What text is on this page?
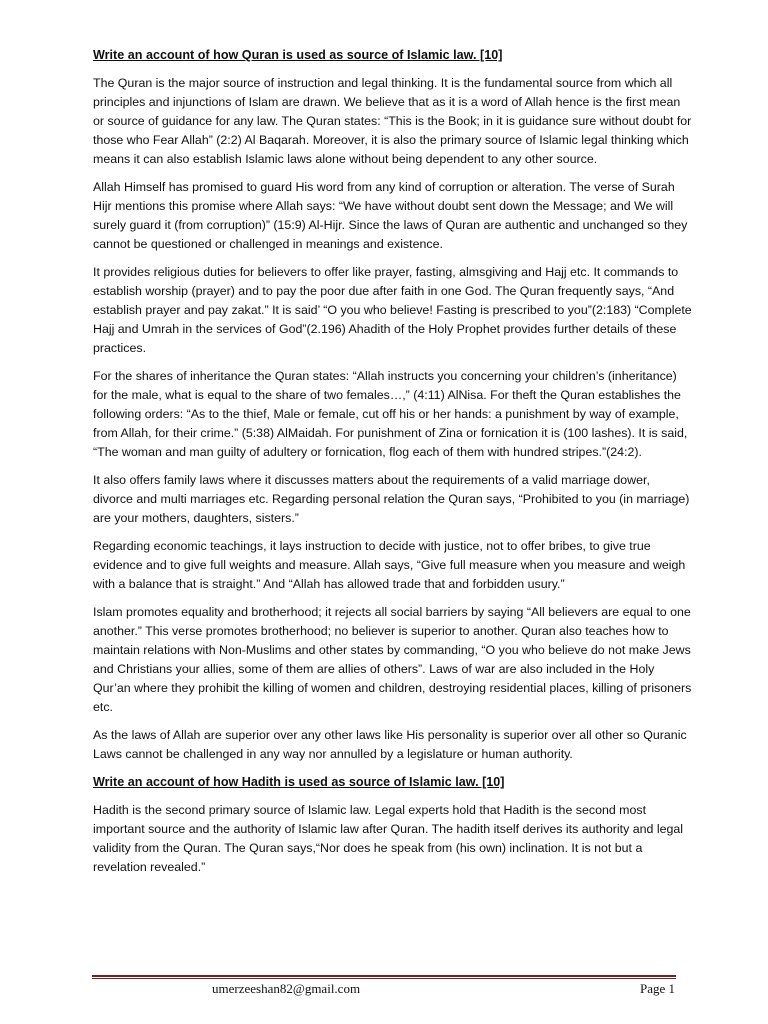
Write an account of how Quran is used as source of Islamic law. [10]

The Quran is the major source of instruction and legal thinking. It is the fundamental source from which all principles and injunctions of Islam are drawn. We believe that as it is a word of Allah hence is the first mean or source of guidance for any law. The Quran states: “This is the Book; in it is guidance sure without doubt for those who Fear Allah” (2:2) Al Baqarah. Moreover, it is also the primary source of Islamic legal thinking which means it can also establish Islamic laws alone without being dependent to any other source.

Allah Himself has promised to guard His word from any kind of corruption or alteration. The verse of Surah Hijr mentions this promise where Allah says: “We have without doubt sent down the Message; and We will surely guard it (from corruption)” (15:9) Al-Hijr. Since the laws of Quran are authentic and unchanged so they cannot be questioned or challenged in meanings and existence.

It provides religious duties for believers to offer like prayer, fasting, almsgiving and Hajj etc. It commands to establish worship (prayer) and to pay the poor due after faith in one God. The Quran frequently says, “And establish prayer and pay zakat.” It is said’ “O you who believe! Fasting is prescribed to you”(2:183) “Complete Hajj and Umrah in the services of God”(2.196) Ahadith of the Holy Prophet provides further details of these practices.

For the shares of inheritance the Quran states: “Allah instructs you concerning your children’s (inheritance) for the male, what is equal to the share of two females…,” (4:11) AlNisa. For theft the Quran establishes the following orders: “As to the thief, Male or female, cut off his or her hands: a punishment by way of example, from Allah, for their crime.” (5:38) AlMaidah. For punishment of Zina or fornication it is (100 lashes). It is said, “The woman and man guilty of adultery or fornication, flog each of them with hundred stripes.”(24:2).

It also offers family laws where it discusses matters about the requirements of a valid marriage dower, divorce and multi marriages etc. Regarding personal relation the Quran says, “Prohibited to you (in marriage) are your mothers, daughters, sisters.”

Regarding economic teachings, it lays instruction to decide with justice, not to offer bribes, to give true evidence and to give full weights and measure. Allah says, “Give full measure when you measure and weigh with a balance that is straight.” And “Allah has allowed trade that and forbidden usury.”

Islam promotes equality and brotherhood; it rejects all social barriers by saying “All believers are equal to one another.” This verse promotes brotherhood; no believer is superior to another. Quran also teaches how to maintain relations with Non-Muslims and other states by commanding, “O you who believe do not make Jews and Christians your allies, some of them are allies of others”. Laws of war are also included in the Holy Qur’an where they prohibit the killing of women and children, destroying residential places, killing of prisoners etc.

As the laws of Allah are superior over any other laws like His personality is superior over all other so Quranic Laws cannot be challenged in any way nor annulled by a legislature or human authority.

Write an account of how Hadith is used as source of Islamic law. [10]

Hadith is the second primary source of Islamic law. Legal experts hold that Hadith is the second most important source and the authority of Islamic law after Quran. The hadith itself derives its authority and legal validity from the Quran. The Quran says,“Nor does he speak from (his own) inclination. It is not but a revelation revealed.”

umerzeeshan82@gmail.com	Page 1
